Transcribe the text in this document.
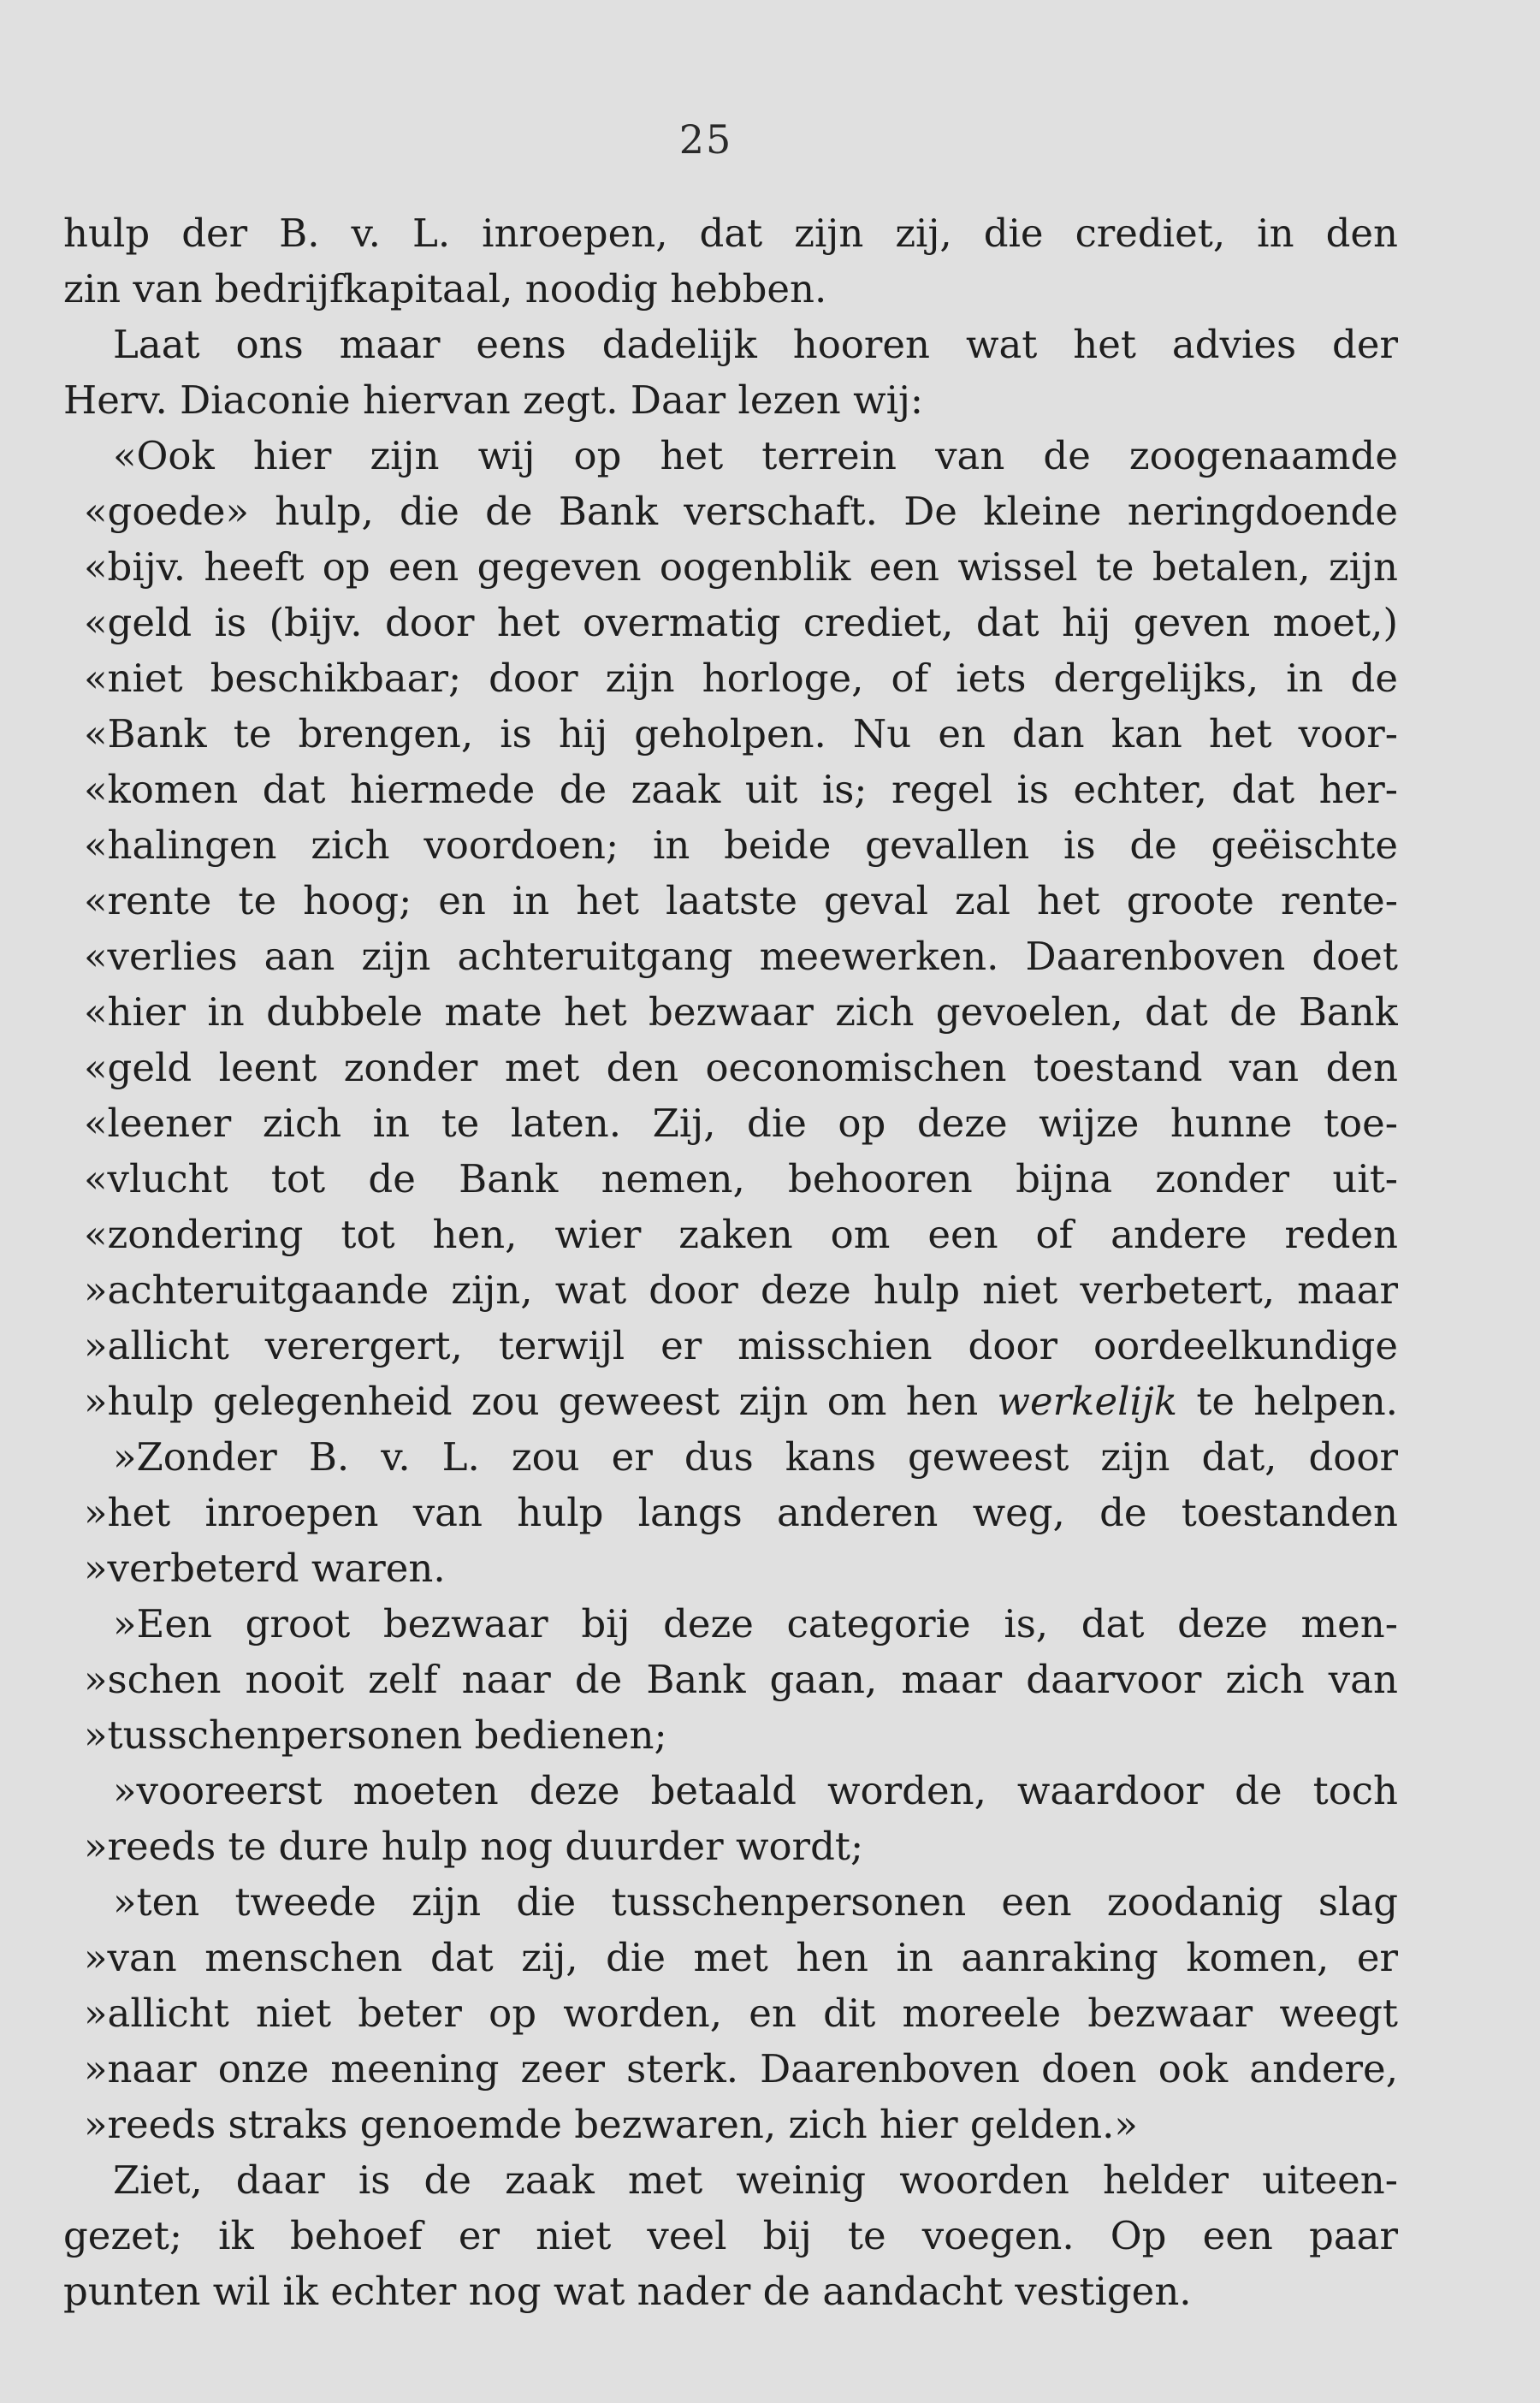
25
hulp der B. v. L. inroepen, dat zijn zij, die crediet, in den
zin van bedrijfkapitaal, noodig hebben.
Laat ons maar eens dadelijk hooren wat het advies der
Herv. Diaconie hiervan zegt. Daar lezen wij:
«Ook hier zijn wij op het terrein van de zoogenaamde
«goede» hulp, die de Bank verschaft. De kleine neringdoende
«bijv. heeft op een gegeven oogenblik een wissel te betalen, zijn
«geld is (bijv. door het overmatig crediet, dat hij geven moet,)
«niet beschikbaar; door zijn horloge, of iets dergelijks, in de
«Bank te brengen, is hij geholpen. Nu en dan kan het voor-
«komen dat hiermede de zaak uit is; regel is echter, dat her-
«halingen zich voordoen; in beide gevallen is de geëischte
«rente te hoog; en in het laatste geval zal het groote rente-
«verlies aan zijn achteruitgang meewerken. Daarenboven doet
«hier in dubbele mate het bezwaar zich gevoelen, dat de Bank
«geld leent zonder met den oeconomischen toestand van den
«leener zich in te laten. Zij, die op deze wijze hunne toe-
«vlucht tot de Bank nemen, behooren bijna zonder uit-
«zondering tot hen, wier zaken om een of andere reden
»achteruitgaande zijn, wat door deze hulp niet verbetert, maar
»allicht verergert, terwijl er misschien door oordeelkundige
»hulp gelegenheid zou geweest zijn om hen werkelijk te helpen.
»Zonder B. v. L. zou er dus kans geweest zijn dat, door
»het inroepen van hulp langs anderen weg, de toestanden
»verbeterd waren.
»Een groot bezwaar bij deze categorie is, dat deze men-
»schen nooit zelf naar de Bank gaan, maar daarvoor zich van
»tusschenpersonen bedienen;
»vooreerst moeten deze betaald worden, waardoor de toch
»reeds te dure hulp nog duurder wordt;
»ten tweede zijn die tusschenpersonen een zoodanig slag
»van menschen dat zij, die met hen in aanraking komen, er
»allicht niet beter op worden, en dit moreele bezwaar weegt
»naar onze meening zeer sterk. Daarenboven doen ook andere,
»reeds straks genoemde bezwaren, zich hier gelden.»
Ziet, daar is de zaak met weinig woorden helder uiteen-
gezet; ik behoef er niet veel bij te voegen. Op een paar
punten wil ik echter nog wat nader de aandacht vestigen.
